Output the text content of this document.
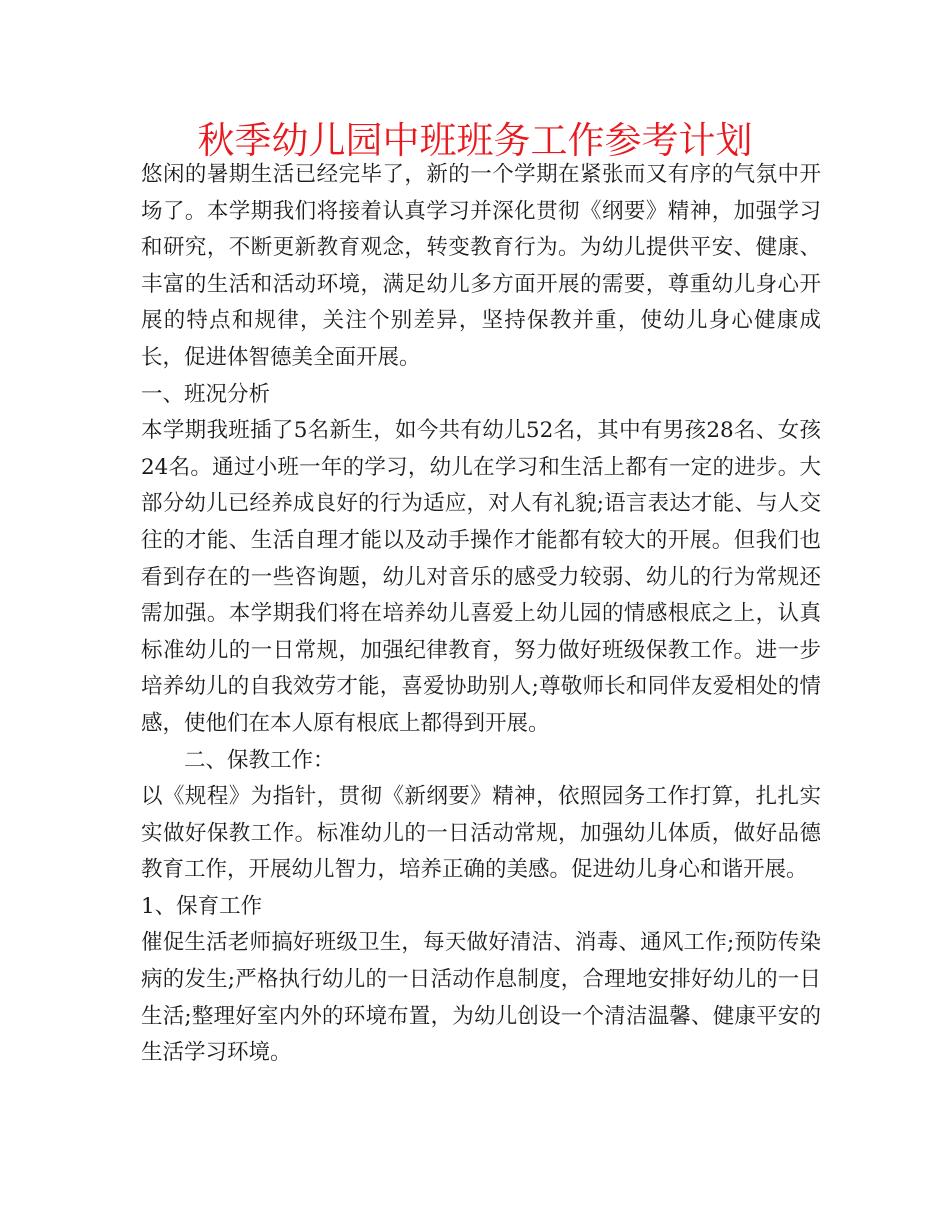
秋季幼儿园中班班务工作参考计划

悠闲的暑期生活已经完毕了，新的一个学期在紧张而又有序的气氛中开场了。本学期我们将接着认真学习并深化贯彻《纲要》精神，加强学习和研究，不断更新教育观念，转变教育行为。为幼儿提供平安、健康、丰富的生活和活动环境，满足幼儿多方面开展的需要，尊重幼儿身心开展的特点和规律，关注个别差异，坚持保教并重，使幼儿身心健康成长，促进体智德美全面开展。

一、班况分析

本学期我班插了5名新生，如今共有幼儿52名，其中有男孩28名、女孩24名。通过小班一年的学习，幼儿在学习和生活上都有一定的进步。大部分幼儿已经养成良好的行为适应，对人有礼貌;语言表达才能、与人交往的才能、生活自理才能以及动手操作才能都有较大的开展。但我们也看到存在的一些咨询题，幼儿对音乐的感受力较弱、幼儿的行为常规还需加强。本学期我们将在培养幼儿喜爱上幼儿园的情感根底之上，认真标准幼儿的一日常规，加强纪律教育，努力做好班级保教工作。进一步培养幼儿的自我效劳才能，喜爱协助别人;尊敬师长和同伴友爱相处的情感，使他们在本人原有根底上都得到开展。

二、保教工作：

以《规程》为指针，贯彻《新纲要》精神，依照园务工作打算，扎扎实实做好保教工作。标准幼儿的一日活动常规，加强幼儿体质，做好品德教育工作，开展幼儿智力，培养正确的美感。促进幼儿身心和谐开展。

1、保育工作

催促生活老师搞好班级卫生，每天做好清洁、消毒、通风工作;预防传染病的发生;严格执行幼儿的一日活动作息制度，合理地安排好幼儿的一日生活;整理好室内外的环境布置，为幼儿创设一个清洁温馨、健康平安的生活学习环境。
